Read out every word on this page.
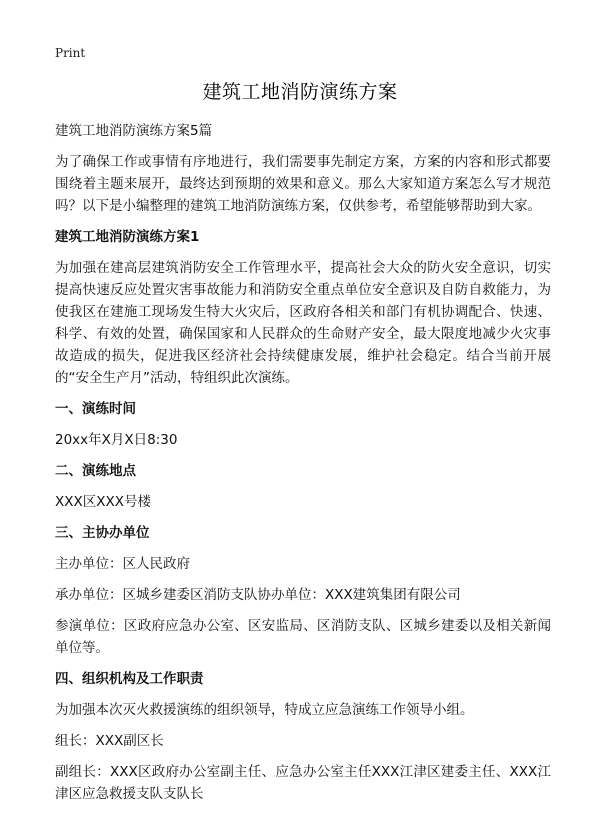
Print
建筑工地消防演练方案

建筑工地消防演练方案5篇

为了确保工作或事情有序地进行，我们需要事先制定方案，方案的内容和形式都要围绕着主题来展开，最终达到预期的效果和意义。那么大家知道方案怎么写才规范吗？以下是小编整理的建筑工地消防演练方案，仅供参考，希望能够帮助到大家。

建筑工地消防演练方案1

为加强在建高层建筑消防安全工作管理水平，提高社会大众的防火安全意识，切实提高快速反应处置灾害事故能力和消防安全重点单位安全意识及自防自救能力，为使我区在建施工现场发生特大火灾后，区政府各相关和部门有机协调配合、快速、科学、有效的处置，确保国家和人民群众的生命财产安全，最大限度地减少火灾事故造成的损失，促进我区经济社会持续健康发展，维护社会稳定。结合当前开展的“安全生产月”活动，特组织此次演练。

一、演练时间

20xx年X月X日8:30

二、演练地点

XXX区XXX号楼

三、主协办单位

主办单位：区人民政府

承办单位：区城乡建委区消防支队协办单位：XXX建筑集团有限公司

参演单位：区政府应急办公室、区安监局、区消防支队、区城乡建委以及相关新闻单位等。

四、组织机构及工作职责

为加强本次灭火救援演练的组织领导，特成立应急演练工作领导小组。

组长：XXX副区长

副组长：XXX区政府办公室副主任、应急办公室主任XXX江津区建委主任、XXX江津区应急救援支队支队长
